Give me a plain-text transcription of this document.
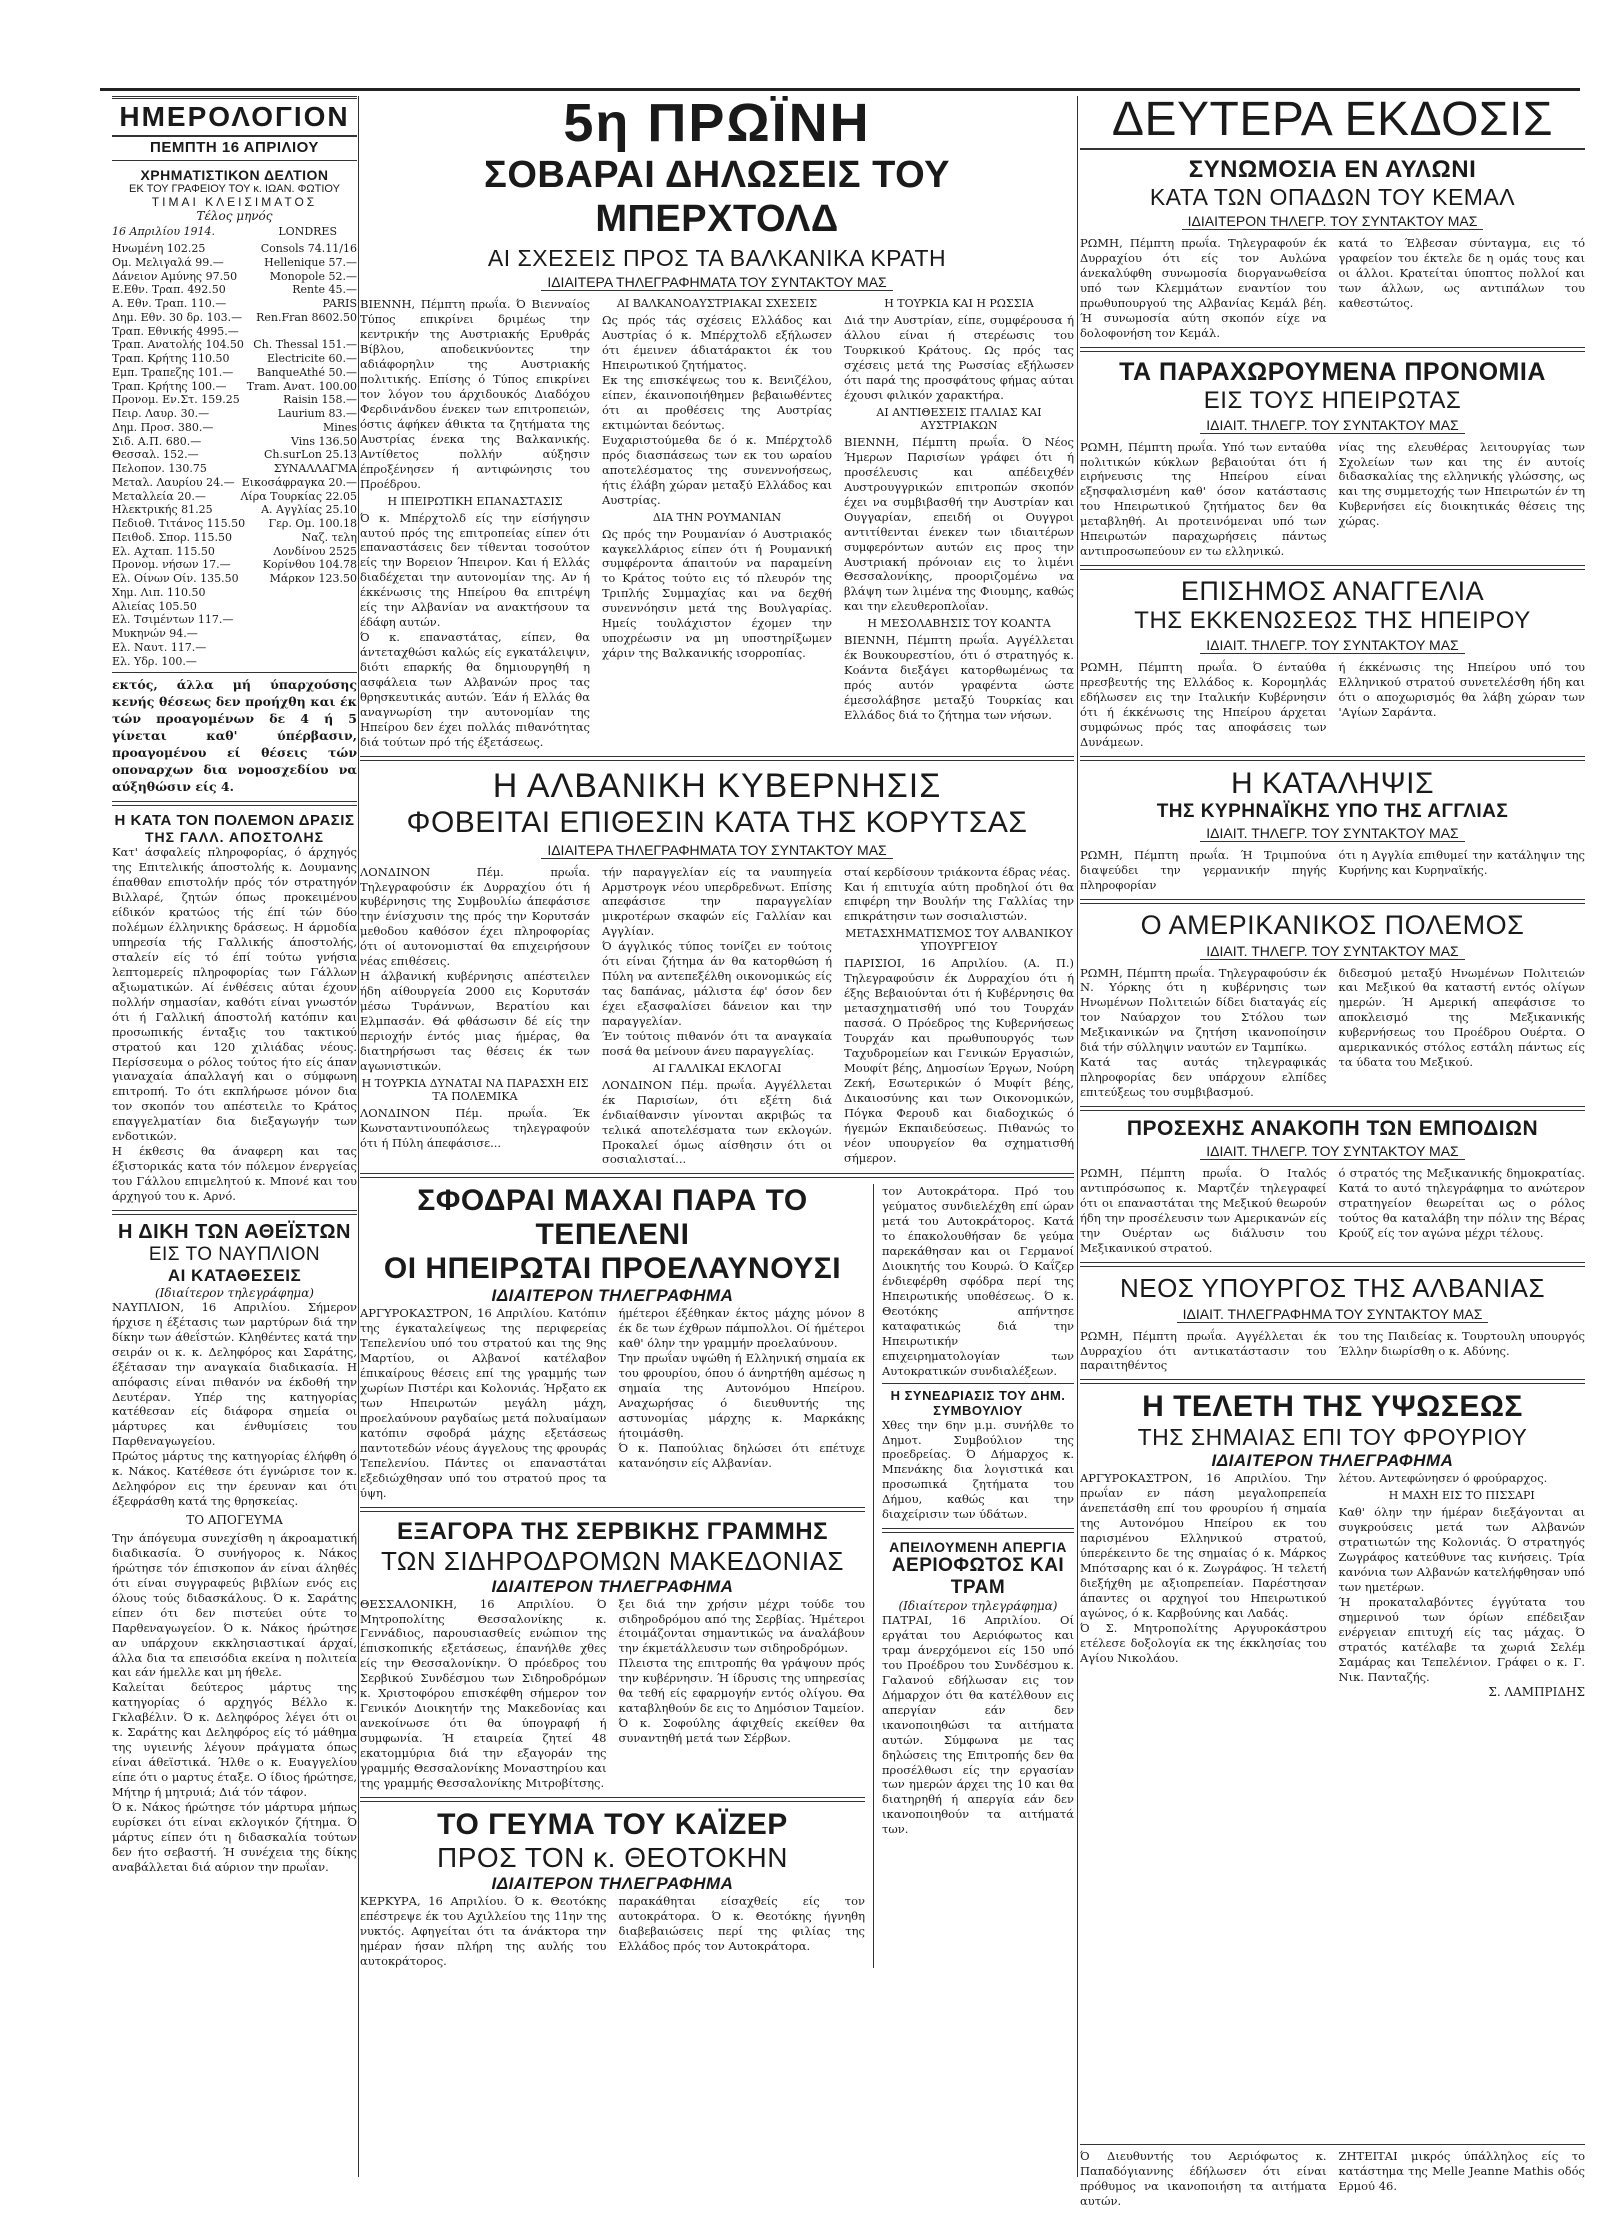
ΗΜΕΡΟΛΟΓΙΟΝ
ΠΕΜΠΤΗ 16 ΑΠΡΙΛΙΟΥ
ΧΡΗΜΑΤΙΣΤΙΚΟΝ ΔΕΛΤΙΟΝ
ΕΚ ΤΟΥ ΓΡΑΦΕΙΟΥ ΤΟΥ κ. ΙΩΑΝ. ΦΩΤΙΟΥ
ΤΙΜΑΙ ΚΛΕΙΣΙΜΑΤΟΣ
Τέλος μηνός
16 Απριλίου 1914.	LONDRES
Ηνωμένη 102.25	Consols 74.11/16
Ομ. Μελιγαλά 99.—	Hellenique 57.—
Δάνειον Αμύνης 97.50	Monopole 52.—
Ε.Εθν. Τραπ. 492.50	Rente 45.—
Α. Εθν. Τραπ. 110.—	PARIS
Δημ. Εθν. 30 δρ. 103.— Ren.Fran 8602.50
Τραπ. Εθνικής 4995.—
Τραπ. Ανατολής 104.50 Ch. Thessal 151.—
Τραπ. Κρήτης 110.50	Electricite 60.—
Εμπ. Τραπεζης 101.— BanqueAthé 50.—
Τραπ. Κρήτης 100.— Tram. Aνατ. 100.00
Προνομ. Εν.Στ. 159.25	Raisin 158.—
Πειρ. Λαυρ. 30.—	Laurium 83.—
Δημ. Προσ. 380.—	Mines
Σιδ. Α.Π. 680.—	Vins 136.50
Θεσσαλ. 152.—	Ch.surLon 25.13
Πελοπον. 130.75	ΣΥΝΑΛΛΑΓΜΑ
Μεταλ. Λαυρίου 24.— Εικοσάφραγκα 20.—
Μεταλλεία 20.—	Λίρα Τουρκίας 22.05
Ηλεκτρικής 81.25	Α. Αγγλίας 25.10
Πεδιοθ. Τιτάνος 115.50 Γερ. Ομ. 100.18
Πειθοδ. Σπορ. 115.50	Ναζ. τελη
Ελ. Αχταπ. 115.50	Λονδίνου 2525
Προνομ. νήσων 17.—	Κορίνθου 104.78
Ελ. Οίνων Οίν. 135.50	Μάρκον 123.50
Χημ. Λιπ. 110.50
Αλιείας 105.50
Ελ. Τσιμέντων 117.—
Μυκηνών 94.—
Ελ. Ναυτ. 117.—
Ελ. Υδρ. 100.—

εκτός, άλλα μή ύπαρχούσης κενής θέσεως δεν προήχθη και έκ τών προαγομένων δε 4 ή 5 γίνεται καθ' ύπέρβασιν, προαγομένου εί θέσεις τών οποναρχων δια νομοσχεδίου να αύξηθώσιν είς 4.

Η ΚΑΤΑ ΤΟΝ ΠΟΛΕΜΟΝ ΔΡΑΣΙΣ
ΤΗΣ ΓΑΛΛ. ΑΠΟΣΤΟΛΗΣ

Κατ' άσφαλείς πληροφορίας, ό άρχηγός της Επιτελικής άποστολής κ. Δουμανης έπαθθαν επιστολήν πρός τόν στρατηγόν Βιλλαρέ, ζητών όπως προκειμένου είδικόν κρατώος τής έπί τών δύο πολέμων έλληνικης δράσεως. Η άρμοδία υπηρεσία τής Γαλλικής άποστολής, σταλείν είς τό έπί τούτω γνήσια λεπτομερείς πληροφορίας των Γάλλων αξιωματικών. Αί ένθέσεις αύται έχουν πολλήν σημασίαν, καθότι είναι γνωστόν ότι ή Γαλλική άποστολή κατόπιν και προσωπικής ένταξις του τακτικού στρατού και 120 χιλιάδας νέους. Περίσσευμα ο ρόλος τούτος ήτο είς άπαν γιαναχαία άπαλλαγή και ο σύμφωνη επιτροπή. Το ότι εκπλήρωσε μόνον δια τον σκοπόν του απέστειλε το Κράτος επαγγελματίαν δια διεξαγωγήν των ενδοτικών.

Η έκθεσις θα άναφερη και τας έξιστορικάς κατα τόν πόλεμον ένεργείας του Γάλλου επιμελητού κ. Μπονέ και του άρχηγού του κ. Αρνό.

Η ΔΙΚΗ ΤΩΝ ΑΘΕΪΣΤΩΝ
ΕΙΣ ΤΟ ΝΑΥΠΛΙΟΝ
ΑΙ ΚΑΤΑΘΕΣΕΙΣ
(Ιδιαίτερον τηλεγράφημα)

ΝΑΥΠΛΙΟΝ, 16 Απριλίου. Σήμερον ήρχισε η έξέτασις των μαρτύρων διά την δίκην των άθεΐστών. Κληθέντες κατά την σειράν οι κ. κ. Δεληφόρος και Σαράτης, έξέτασαν την αναγκαία διαδικασία. Η απόφασις είναι πιθανόν να έκδοθή την Δευτέραν. Υπέρ της κατηγορίας κατέθεσαν είς διάφορα σημεία οι μάρτυρες και ένθυμίσεις του Παρθεναγωγείου.

Πρώτος μάρτυς της κατηγορίας έλήφθη ό κ. Νάκος. Κατέθεσε ότι έγνώρισε τον κ. Δεληφόρον εις την έρευναν και ότι έξεφράσθη κατά της θρησκείας.

ΤΟ ΑΠΟΓΕΥΜΑ

Την άπόγευμα συνεχίσθη η άκροαματική διαδικασία. Ό συνήγορος κ. Νάκος ήρώτησε τόν έπισκοπον άν είναι άληθές ότι είναι συγγραφεύς βιβλίων ενός εις όλους τούς διδασκάλους. Ό κ. Σαράτης είπεν ότι δεν πιστεύει ούτε το Παρθεναγωγείον. Ό κ. Νάκος ήρώτησε αν υπάρχουν εκκλησιαστικαί άρχαί, άλλα δια τα επεισόδια εκείνα η πολιτεία και εάν ήμελλε και μη ήθελε.

Καλείται δεύτερος μάρτυς της κατηγορίας ό αρχηγός Βέλλο κ. Γκλαβέλιν. Ό κ. Δεληφόρος λέγει ότι οι κ. Σαράτης και Δεληφόρος είς τό μάθημα της υγιεινής λέγουν πράγματα όπως είναι άθεϊστικά. Ήλθε ο κ. Ευαγγελίου είπε ότι ο μαρτυς έταξε. Ο ίδιος ήρώτησε, Μήτηρ ή μητρυιά; Διά τόν τάφον.

Ό κ. Νάκος ήρώτησε τόν μάρτυρα μήπως ευρίσκει ότι είναι εκλογικόν ζήτημα. Ό μάρτυς είπεν ότι η διδασκαλία τούτων δεν ήτο σεβαστή. Ή συνέχεια της δίκης αναβάλλεται διά αύριον την πρωΐαν.

5η ΠΡΩΪΝΗ
ΣΟΒΑΡΑΙ ΔΗΛΩΣΕΙΣ ΤΟΥ ΜΠΕΡΧΤΟΛΔ
ΑΙ ΣΧΕΣΕΙΣ ΠΡΟΣ ΤΑ ΒΑΛΚΑΝΙΚΑ ΚΡΑΤΗ
ΙΔΙΑΙΤΕΡΑ ΤΗΛΕΓΡΑΦΗΜΑΤΑ ΤΟΥ ΣΥΝΤΑΚΤΟΥ ΜΑΣ

ΒΙΕΝΝΗ, Πέμπτη πρωΐα. Ό Βιενναίος Τύπος επικρίνει δριμέως την κεντρικήν της Αυστριακής Ερυθράς Βίβλου, αποδεικνύοντες την αδιάφορηλιν της Αυστριακής πολιτικής. Επίσης ό Τύπος επικρίνει τον λόγον του άρχιδουκός Διαδόχου Φερδινάνδου ένεκεν των επιτροπειών, όστις άφήκεν άθικτα τα ζητήματα της Αυστρίας ένεκα της Βαλκανικής. Αντίθετος πολλήν αύξησιν έπροξένησεν ή αντιφώνησις του Προέδρου.

Η ΙΠΕΙΡΩΤΙΚΗ ΕΠΑΝΑΣΤΑΣΙΣ

Ό κ. Μπέρχτολδ είς την είσήγησιν αυτού πρός της επιτροπείας είπεν ότι επαναστάσεις δεν τίθενται τοσούτον είς την Βορειον Ήπειρον. Και ή Ελλάς διαδέχεται την αυτονομίαν της. Αν ή έκκένωσις της Ηπείρου θα επιτρέψη είς την Αλβανίαν να ανακτήσουν τα έδάφη αυτών.

Ό κ. επαναστάτας, είπεν, θα άντεταχθώσι καλώς είς εγκατάλειψιν, διότι επαρκής θα δημιουργηθή η ασφάλεια των Αλβανών προς τας θρησκευτικάς αυτών. Έάν ή Ελλάς θα αναγνωρίση την αυτονομίαν της Ηπείρου δεν έχει πολλάς πιθανότητας διά τούτων πρό τής έξετάσεως.

ΑΙ ΒΑΛΚΑΝΟΑΥΣΤΡΙΑΚΑΙ ΣΧΕΣΕΙΣ

Ως πρός τάς σχέσεις Ελλάδος και Αυστρίας ό κ. Μπέρχτολδ εξήλωσεν ότι έμεινεν άδιατάρακτοι έκ του Ηπειρωτικού ζητήματος.

Εκ της επισκέψεως του κ. Βενιζέλου, είπεν, έκαινοποιήθημεν βεβαιωθέντες ότι αι προθέσεις της Αυστρίας εκτιμώνται δεόντως.

Ευχαριστούμεθα δε ό κ. Μπέρχτολδ πρός διασπάσεως των εκ του ωραίου αποτελέσματος της συνεννοήσεως, ήτις έλάβη χώραν μεταξύ Ελλάδος και Αυστρίας.

ΔΙΑ ΤΗΝ ΡΟΥΜΑΝΙΑΝ

Ως πρός την Ρουμανίαν ό Αυστριακός καγκελλάριος είπεν ότι ή Ρουμανική συμφέροντα άπαιτούν να παραμείνη το Κράτος τούτο εις τό πλευρόν της Τριπλής Συμμαχίας και να δεχθή συνεννόησιν μετά της Βουλγαρίας. Ημείς τουλάχιστον έχομεν την υποχρέωσιν να μη υποστηρίξωμεν χάριν της Βαλκανικής ισορροπίας.

Η ΤΟΥΡΚΙΑ ΚΑΙ Η ΡΩΣΣΙΑ

Διά την Αυστρίαν, είπε, συμφέρουσα ή άλλου είναι ή στερέωσις του Τουρκικού Κράτους. Ως πρός τας σχέσεις μετά της Ρωσσίας εξήλωσεν ότι παρά της προσφάτους φήμας αύται έχουσι φιλικόν χαρακτήρα.

ΑΙ ΑΝΤΙΘΕΣΕΙΣ ΙΤΑΛΙΑΣ ΚΑΙ ΑΥΣΤΡΙΑΚΩΝ

ΒΙΕΝΝΗ, Πέμπτη πρωΐα. Ό Νέος Ήμερων Παρισίων γράφει ότι ή προσέλευσις και απέδειχθέν Αυστρουγγρικών επιτροπών σκοπόν έχει να συμβιβασθή την Αυστρίαν και Ουγγαρίαν, επειδή οι Ουγγροι αντιτίθενται ένεκεν των ιδιαιτέρων συμφερόντων αυτών εις προς την Αυστριακή πρόνοιαν εις το λιμένι Θεσσαλονίκης, προοριζομένω να βλάψη των λιμένα της Φιουμης, καθώς και την ελευθεροπλοΐαν.

Η ΜΕΣΟΛΑΒΗΣΙΣ ΤΟΥ ΚΟΑΝΤΑ

ΒΙΕΝΝΗ, Πέμπτη πρωΐα. Αγγέλλεται έκ Βουκουρεστίου, ότι ό στρατηγός κ. Κοάντα διεξάγει κατορθωμένως τα πρός αυτόν γραφέντα ώστε έμεσολάβησε μεταξύ Τουρκίας και Ελλάδος διά το ζήτημα των νήσων.

Η ΑΛΒΑΝΙΚΗ ΚΥΒΕΡΝΗΣΙΣ
ΦΟΒΕΙΤΑΙ ΕΠΙΘΕΣΙΝ ΚΑΤΑ ΤΗΣ ΚΟΡΥΤΣΑΣ
ΙΔΙΑΙΤΕΡΑ ΤΗΛΕΓΡΑΦΗΜΑΤΑ ΤΟΥ ΣΥΝΤΑΚΤΟΥ ΜΑΣ

ΛΟΝΔΙΝΟΝ Πέμ. πρωΐα. Τηλεγραφούσιν έκ Δυρραχίου ότι ή κυβέρνησις της Συμβουλίω άπεφάσισε την ένίσχυσιν της πρός την Κορυτσάν μεθοδου καθόσον έχει πληροφορίας ότι οί αυτονομισταί θα επιχειρήσουν νέας επιθέσεις.

Η άλβανική κυβέρνησις απέστειλεν ήδη αίθουργεία 2000 εις Κορυτσάν μέσω Τυράννων, Βερατίου και Ελμπασάν. Θά φθάσωσιν δέ είς την περιοχήν έντός μιας ήμέρας, θα διατηρήσωσι τας θέσεις έκ των αγωνιστικών.

Η ΤΟΥΡΚΙΑ ΔΥΝΑΤΑΙ ΝΑ ΠΑΡΑΣΧΗ ΕΙΣ ΤΑ ΠΟΛΕΜΙΚΑ

ΛΟΝΔΙΝΟΝ Πέμ. πρωΐα. Έκ Κωνσταντινουπόλεως τηλεγραφούν ότι ή Πύλη άπεφάσισε...

τήν παραγγελίαν είς τα ναυπηγεία Αρμστρογκ νέου υπερδρεδνωτ. Επίσης απεφάσισε την παραγγελίαν μικροτέρων σκαφών είς Γαλλίαν και Αγγλίαν.

Ό άγγλικός τύπος τονίζει εν τούτοις ότι είναι ζήτημα άν θα κατορθώση ή Πύλη να αντεπεξέλθη οικονομικώς είς τας δαπάνας, μάλιστα έφ' όσον δεν έχει εξασφαλίσει δάνειον και την παραγγελίαν.

Έν τούτοις πιθανόν ότι τα αναγκαία ποσά θα μείνουν άνευ παραγγελίας.

ΑΙ ΓΑΛΛΙΚΑΙ ΕΚΛΟΓΑΙ

ΛΟΝΔΙΝΟΝ Πέμ. πρωΐα. Αγγέλλεται έκ Παρισίων, ότι εξέτη διά ένδιαίθανσιν γίνονται ακριβώς τα τελικά αποτελέσματα των εκλογών. Προκαλεί όμως αίσθησιν ότι οι σοσιαλισταί...

σταί κερδίσουν τριάκοντα έδρας νέας.

Και ή επιτυχία αύτη προδηλοί ότι θα επιφέρη την Βουλήν της Γαλλίας την επικράτησιν των σοσιαλιστών.

ΜΕΤΑΣΧΗΜΑΤΙΣΜΟΣ ΤΟΥ ΑΛΒΑΝΙΚΟΥ ΥΠΟΥΡΓΕΙΟΥ

ΠΑΡΙΣΙΟΙ, 16 Απριλίου. (Α. Π.) Τηλεγραφούσιν έκ Δυρραχίου ότι ή έξης Βεβαιούνται ότι ή Κυβέρνησις θα μετασχηματισθή υπό του Τουρχάν πασσά. Ο Πρόεδρος της Κυβερνήσεως Τουρχάν και πρωθυπουργός των Ταχυδρομείων και Γενικών Εργασιών, Μουφίτ βέης, Δημοσίων Έργων, Νούρη Ζεκή, Εσωτερικών ό Μυφίτ βέης, Δικαιοσύνης και των Οικονομικών, Πόγκα Φερουδ και διαδοχικώς ό ήγεμών Εκπαιδεύσεως. Πιθανώς το νέον υπουργείον θα σχηματισθή σήμερον.

ΣΦΟΔΡΑΙ ΜΑΧΑΙ ΠΑΡΑ ΤΟ ΤΕΠΕΛΕΝΙ
ΟΙ ΗΠΕΙΡΩΤΑΙ ΠΡΟΕΛΑΥΝΟΥΣΙ
ΙΔΙΑΙΤΕΡΟΝ ΤΗΛΕΓΡΑΦΗΜΑ

ΑΡΓΥΡΟΚΑΣΤΡΟΝ, 16 Απριλίου. Κατόπιν της έγκαταλείψεως της περιφερείας Τεπελενίου υπό του στρατού και της 9ης Μαρτίου, οι Αλβανοί κατέλαβον έπικαίρους θέσεις επί της γραμμής των χωρίων Πιστέρι και Κολονιάς. Ήρξατο εκ των Ηπειρωτών μεγάλη μάχη, προελαύνουν ραγδαίως μετά πολυαίμαων κατόπιν σφοδρά μάχης εξετάσεως παντοτεδών νέους άγγελους της φρουράς Τεπελενίου. Πάντες οι επαναστάται εξεδιώχθησαν υπό του στρατού προς τα ύψη.

ήμέτεροι έξέθηκαν έκτος μάχης μόνον 8 έκ δε των έχθρων πάμπολλοι. Οί ήμέτεροι καθ' όλην την γραμμήν προελαύνουν.

Την πρωΐαν υψώθη ή Ελληνική σημαία εκ του φρουρίου, όπου ό άνηρτήθη αμέσως η σημαία της Αυτονόμου Ηπείρου. Αναχωρήσας ό διευθυντής της αστυνομίας μάρχης κ. Μαρκάκης ήτοιμάσθη.

Ό κ. Παπούλιας δηλώσει ότι επέτυχε κατανόησιν είς Αλβανίαν.

ΕΞΑΓΟΡΑ ΤΗΣ ΣΕΡΒΙΚΗΣ ΓΡΑΜΜΗΣ
ΤΩΝ ΣΙΔΗΡΟΔΡΟΜΩΝ ΜΑΚΕΔΟΝΙΑΣ
ΙΔΙΑΙΤΕΡΟΝ ΤΗΛΕΓΡΑΦΗΜΑ

ΘΕΣΣΑΛΟΝΙΚΗ, 16 Απριλίου. Ό Μητροπολίτης Θεσσαλονίκης κ. Γεννάδιος, παρουσιασθείς ενώπιον της έπισκοπικής εξετάσεως, έπανήλθε χθες είς την Θεσσαλονίκην. Ό πρόεδρος του Σερβικού Συνδέσμου των Σιδηροδρόμων κ. Χριστοφόρου επισκέφθη σήμερον τον Γενικόν Διοικητήν της Μακεδονίας και ανεκοίνωσε ότι θα ύπογραφή ή συμφωνία. Ή εταιρεία ζητεί 48 εκατομμύρια διά την εξαγοράν της γραμμής Θεσσαλονίκης Μοναστηρίου και της γραμμής Θεσσαλονίκης Μιτροβίτσης.

ξει διά την χρήσιν μέχρι τούδε του σιδηροδρόμου από της Σερβίας. Ήμέτεροι έτοιμάζονται σημαντικώς να άναλάβουν την έκμετάλλευσιν των σιδηροδρόμων.

Πλειστα της επιτροπής θα γράψουν πρός την κυβέρνησιν. Ή ίδρυσις της υπηρεσίας θα τεθή είς εφαρμογήν εντός ολίγου. Θα καταβληθούν δε εις το Δημόσιον Ταμείον.

Ό κ. Σοφούλης άφιχθείς εκείθεν θα συναντηθή μετά των Σέρβων.

ΤΟ ΓΕΥΜΑ ΤΟΥ ΚΑΪΖΕΡ
ΠΡΟΣ ΤΟΝ κ. ΘΕΟΤΟΚΗΝ
ΙΔΙΑΙΤΕΡΟΝ ΤΗΛΕΓΡΑΦΗΜΑ

ΚΕΡΚΥΡΑ, 16 Απριλίου. Ό κ. Θεοτόκης επέστρεψε έκ του Αχιλλείου της 11ην της νυκτός. Αφηγείται ότι τα άνάκτορα την ημέραν ήσαν πλήρη της αυλής του αυτοκράτορος.

παρακάθηται είσαχθείς είς τον αυτοκράτορα. Ό κ. Θεοτόκης ήγνηθη διαβεβαιώσεις περί της φιλίας της Ελλάδος πρός τον Αυτοκράτορα.

τον Αυτοκράτορα. Πρό του γεύματος συνδιελέχθη επί ώραν μετά του Αυτοκράτορος. Κατά το έπακολουθήσαν δε γεύμα παρεκάθησαν και οι Γερμανοί Διοικητής του Κουρώ. Ό Καΐζερ ένδιεφέρθη σφόδρα περί της Ηπειρωτικής υποθέσεως. Ό κ. Θεοτόκης απήντησε καταφατικώς διά την Ηπειρωτικήν επιχειρηματολογίαν των Αυτοκρατικών συνδιαλέξεων.

Η ΣΥΝΕΔΡΙΑΣΙΣ ΤΟΥ ΔΗΜ. ΣΥΜΒΟΥΛΙΟΥ

Χθες την 6ην μ.μ. συνήλθε το Δημοτ. Συμβούλιον της προεδρείας. Ό Δήμαρχος κ. Μπενάκης δια λογιστικά και προσωπικά ζητήματα του Δήμου, καθώς και την διαχείρισιν των ύδάτων.

ΑΠΕΙΛΟΥΜΕΝΗ ΑΠΕΡΓΙΑ
ΑΕΡΙΟΦΩΤΟΣ ΚΑΙ ΤΡΑΜ
(Ιδιαίτερον τηλεγράφημα)

ΠΑΤΡΑΙ, 16 Απριλίου. Οί εργάται του Αεριόφωτος και τραμ άνερχόμενοι είς 150 υπό του Προέδρου του Συνδέσμου κ. Γαλανού εδήλωσαν εις τον Δήμαρχον ότι θα κατέλθουν εις απεργίαν εάν δεν ικανοποιηθώσι τα αιτήματα αυτών. Σύμφωνα με τας δηλώσεις της Επιτροπής δεν θα προσέλθωσι είς την εργασίαν των ημερών άρχει της 10 και θα διατηρηθή ή απεργία εάν δεν ικανοποιηθούν τα αιτήματά των.

ΔΕΥΤΕΡΑ ΕΚΔΟΣΙΣ
ΣΥΝΩΜΟΣΙΑ ΕΝ ΑΥΛΩΝΙ
ΚΑΤΑ ΤΩΝ ΟΠΑΔΩΝ ΤΟΥ ΚΕΜΑΛ
ΙΔΙΑΙΤΕΡΟΝ ΤΗΛΕΓΡ. ΤΟΥ ΣΥΝΤΑΚΤΟΥ ΜΑΣ

ΡΩΜΗ, Πέμπτη πρωΐα. Τηλεγραφούν έκ Δυρραχίου ότι είς τον Αυλώνα άνεκαλύφθη συνωμοσία διοργανωθείσα υπό των Κλεμμάτων εναντίον του πρωθυπουργού της Αλβανίας Κεμάλ βέη. Ή συνωμοσία αύτη σκοπόν είχε να δολοφονήση τον Κεμάλ.

κατά το Έλβεσαν σύνταγμα, εις τό γραφείον του έκτελε δε η ομάς τους και οι άλλοι. Κρατείται ύποπτος πολλοί και των άλλων, ως αντιπάλων του καθεστώτος.

ΤΑ ΠΑΡΑΧΩΡΟΥΜΕΝΑ ΠΡΟΝΟΜΙΑ
ΕΙΣ ΤΟΥΣ ΗΠΕΙΡΩΤΑΣ
ΙΔΙΑΙΤ. ΤΗΛΕΓΡ. ΤΟΥ ΣΥΝΤΑΚΤΟΥ ΜΑΣ

ΡΩΜΗ, Πέμπτη πρωΐα. Υπό των ενταύθα πολιτικών κύκλων βεβαιούται ότι ή ειρήνευσις της Ηπείρου είναι εξησφαλισμένη καθ' όσον κατάστασις του Ηπειρωτικού ζητήματος δεν θα μεταβληθή. Αι προτεινόμεναι υπό των Ηπειρωτών παραχωρήσεις πάντως αντιπροσωπεύουν εν τω ελληνικώ.

νίας της ελευθέρας λειτουργίας των Σχολείων των και της έν αυτοίς διδασκαλίας της ελληνικής γλώσσης, ως και της συμμετοχής των Ηπειρωτών έν τη Κυβερνήσει είς διοικητικάς θέσεις της χώρας.

ΕΠΙΣΗΜΟΣ ΑΝΑΓΓΕΛΙΑ
ΤΗΣ ΕΚΚΕΝΩΣΕΩΣ ΤΗΣ ΗΠΕΙΡΟΥ
ΙΔΙΑΙΤ. ΤΗΛΕΓΡ. ΤΟΥ ΣΥΝΤΑΚΤΟΥ ΜΑΣ

ΡΩΜΗ, Πέμπτη πρωΐα. Ό ένταύθα πρεσβευτής της Ελλάδος κ. Κορομηλάς εδήλωσεν εις την Ιταλικήν Κυβέρνησιν ότι ή έκκένωσις της Ηπείρου άρχεται συμφώνως πρός τας αποφάσεις των Δυνάμεων.

ή έκκένωσις της Ηπείρου υπό του Ελληνικού στρατού συνετελέσθη ήδη και ότι ο αποχωρισμός θα λάβη χώραν των 'Αγίων Σαράντα.

Η ΚΑΤΑΛΗΨΙΣ
ΤΗΣ ΚΥΡΗΝΑΪΚΗΣ ΥΠΟ ΤΗΣ ΑΓΓΛΙΑΣ
ΙΔΙΑΙΤ. ΤΗΛΕΓΡ. ΤΟΥ ΣΥΝΤΑΚΤΟΥ ΜΑΣ

ΡΩΜΗ, Πέμπτη πρωΐα. Ή Τριμπούνα διαψεύδει την γερμανικήν πηγής πληροφορίαν

ότι η Αγγλία επιθυμεί την κατάληψιν της Κυρήνης και Κυρηναϊκής.

Ο ΑΜΕΡΙΚΑΝΙΚΟΣ ΠΟΛΕΜΟΣ
ΙΔΙΑΙΤ. ΤΗΛΕΓΡ. ΤΟΥ ΣΥΝΤΑΚΤΟΥ ΜΑΣ

ΡΩΜΗ, Πέμπτη πρωΐα. Τηλεγραφούσιν έκ Ν. Υόρκης ότι η κυβέρνησις των Ηνωμένων Πολιτειών δίδει διαταγάς είς τον Ναύαρχον του Στόλου των Μεξικανικών να ζητήση ικανοποίησιν διά τήν σύλληψιν ναυτών εν Ταμπίκω.

Κατά τας αυτάς τηλεγραφικάς πληροφορίας δεν υπάρχουν ελπίδες επιτεύξεως του συμβιβασμού.

διδεσμού μεταξύ Ηνωμένων Πολιτειών και Μεξικού θα καταστή εντός ολίγων ημερών. Ή Αμερική απεφάσισε το αποκλεισμό της Μεξικανικής κυβερνήσεως του Προέδρου Ουέρτα. Ο αμερικανικός στόλος εστάλη πάντως είς τα ύδατα του Μεξικού.

ΠΡΟΣΕΧΗΣ ΑΝΑΚΟΠΗ ΤΩΝ ΕΜΠΟΔΙΩΝ
ΙΔΙΑΙΤ. ΤΗΛΕΓΡ. ΤΟΥ ΣΥΝΤΑΚΤΟΥ ΜΑΣ

ΡΩΜΗ, Πέμπτη πρωΐα. Ό Ιταλός αντιπρόσωπος κ. Μαρτζέν τηλεγραφεί ότι οι επαναστάται της Μεξικού θεωρούν ήδη την προσέλευσιν των Αμερικανών είς την Ουέρταν ως διάλυσιν του Μεξικανικού στρατού.

ό στρατός της Μεξικανικής δημοκρατίας. Κατά το αυτό τηλεγράφημα το ανώτερον στρατηγείον θεωρείται ως ο ρόλος τούτος θα καταλάβη την πόλιν της Βέρας Κρούζ είς τον αγώνα μέχρι τέλους.

ΝΕΟΣ ΥΠΟΥΡΓΟΣ ΤΗΣ ΑΛΒΑΝΙΑΣ
ΙΔΙΑΙΤ. ΤΗΛΕΓΡΑΦΗΜΑ ΤΟΥ ΣΥΝΤΑΚΤΟΥ ΜΑΣ

ΡΩΜΗ, Πέμπτη πρωΐα. Αγγέλλεται έκ Δυρραχίου ότι αντικατάστασιν του παραιτηθέντος

του της Παιδείας κ. Τουρτουλη υπουργός Έλλην διωρίσθη ο κ. Αδύνης.

Η ΤΕΛΕΤΗ ΤΗΣ ΥΨΩΣΕΩΣ
ΤΗΣ ΣΗΜΑΙΑΣ ΕΠΙ ΤΟΥ ΦΡΟΥΡΙΟΥ
ΙΔΙΑΙΤΕΡΟΝ ΤΗΛΕΓΡΑΦΗΜΑ

ΑΡΓΥΡΟΚΑΣΤΡΟΝ, 16 Απριλίου. Την πρωΐαν εν πάση μεγαλοπρεπεία άνεπετάσθη επί του φρουρίου ή σημαία της Αυτονόμου Ηπείρου εκ του παρισμένου Ελληνικού στρατού, ύπερέκειντο δε της σημαίας ό κ. Μάρκος Μπότσαρης και ό κ. Ζωγράφος. Ή τελετή διεξήχθη με αξιοπρεπείαν. Παρέστησαν άπαντες οι αρχηγοί του Ηπειρωτικού αγώνος, ό κ. Καρβούνης και Λαδάς.

Ό Σ. Μητροπολίτης Αργυροκάστρου ετέλεσε δοξολογία εκ της έκκλησίας του Αγίου Νικολάου.

λέτου. Αντεφώνησεν ό φρούραρχος.

Η ΜΑΧΗ ΕΙΣ ΤΟ ΠΙΣΣΑΡΙ

Καθ' όλην την ήμέραν διεξάγονται αι συγκρούσεις μετά των Αλβανών στρατιωτών της Κολονιάς. Ό στρατηγός Ζωγράφος κατεύθυνε τας κινήσεις. Τρία κανόνια των Αλβανών κατελήφθησαν υπό των ημετέρων.

Ή προκαταλαβόντες έγγύτατα του σημερινού των όρίων επέδειξαν ενέργειαν επιτυχή είς τας μάχας. Ό στρατός κατέλαβε τα χωριά Σελέμ Σαμάρας και Τεπελένιον. Γράφει ο κ. Γ. Νικ. Πανταζής.

Σ. ΛΑΜΠΡΙΔΗΣ

Ό Διευθυντής του Αεριόφωτος κ. Παπαδόγιαννης έδήλωσεν ότι είναι πρόθυμος να ικανοποιήση τα αιτήματα αυτών.

ΖΗΤΕΙΤΑΙ μικρός ύπάλληλος είς το κατάστημα της Melle Jeanne Mathis οδός Ερμού 46.
